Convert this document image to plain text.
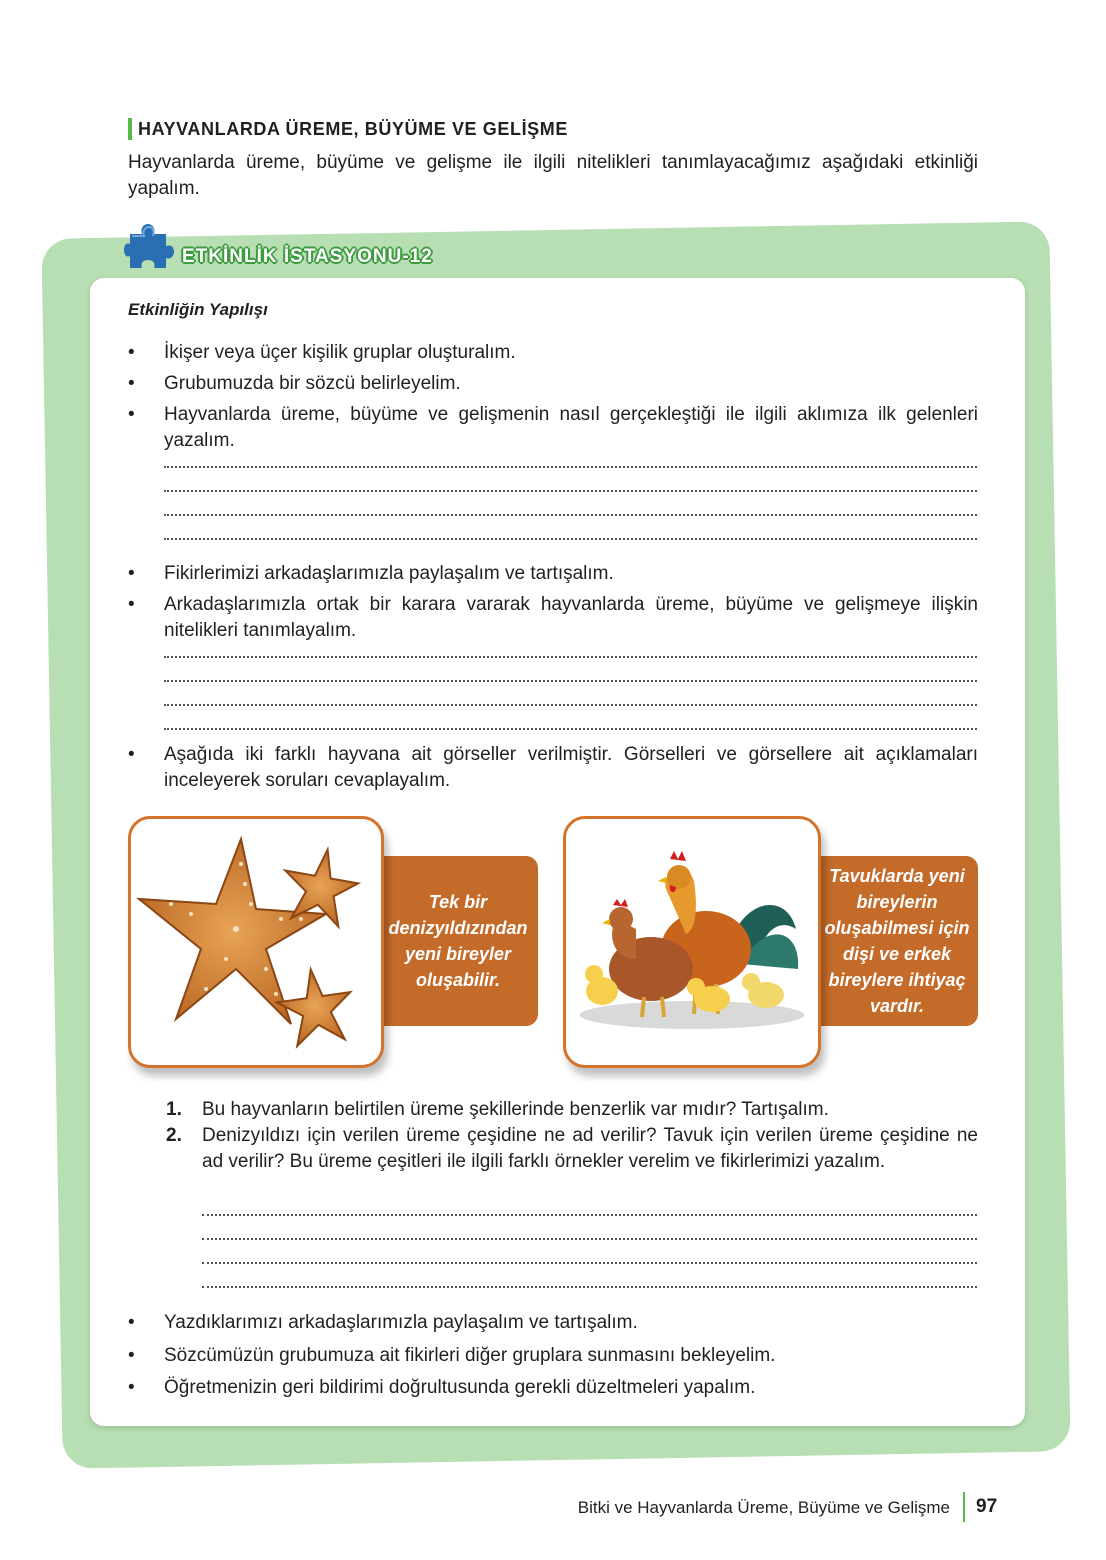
HAYVANLARDA ÜREME, BÜYÜME VE GELİŞME
Hayvanlarda üreme, büyüme ve gelişme ile ilgili nitelikleri tanımlayacağımız aşağıdaki etkinliği yapalım.
ETKİNLİK İSTASYONU-12
Etkinliğin Yapılışı
•	İkişer veya üçer kişilik gruplar oluşturalım.
•	Grubumuzda bir sözcü belirleyelim.
•	Hayvanlarda üreme, büyüme ve gelişmenin nasıl gerçekleştiği ile ilgili aklımıza ilk gelenleri yazalım.
•	Fikirlerimizi arkadaşlarımızla paylaşalım ve tartışalım.
•	Arkadaşlarımızla ortak bir karara vararak hayvanlarda üreme, büyüme ve gelişmeye ilişkin nitelikleri tanımlayalım.
•	Aşağıda iki farklı hayvana ait görseller verilmiştir. Görselleri ve görsellere ait açıklamaları inceleyerek soruları cevaplayalım.
Tek bir denizyıldızından yeni bireyler oluşabilir.
Tavuklarda yeni bireylerin oluşabilmesi için dişi ve erkek bireylere ihtiyaç vardır.
1. Bu hayvanların belirtilen üreme şekillerinde benzerlik var mıdır? Tartışalım.
2. Denizyıldızı için verilen üreme çeşidine ne ad verilir? Tavuk için verilen üreme çeşidine ne ad verilir? Bu üreme çeşitleri ile ilgili farklı örnekler verelim ve fikirlerimizi yazalım.
•	Yazdıklarımızı arkadaşlarımızla paylaşalım ve tartışalım.
•	Sözcümüzün grubumuza ait fikirleri diğer gruplara sunmasını bekleyelim.
•	Öğretmenizin geri bildirimi doğrultusunda gerekli düzeltmeleri yapalım.
Bitki ve Hayvanlarda Üreme, Büyüme ve Gelişme 97
